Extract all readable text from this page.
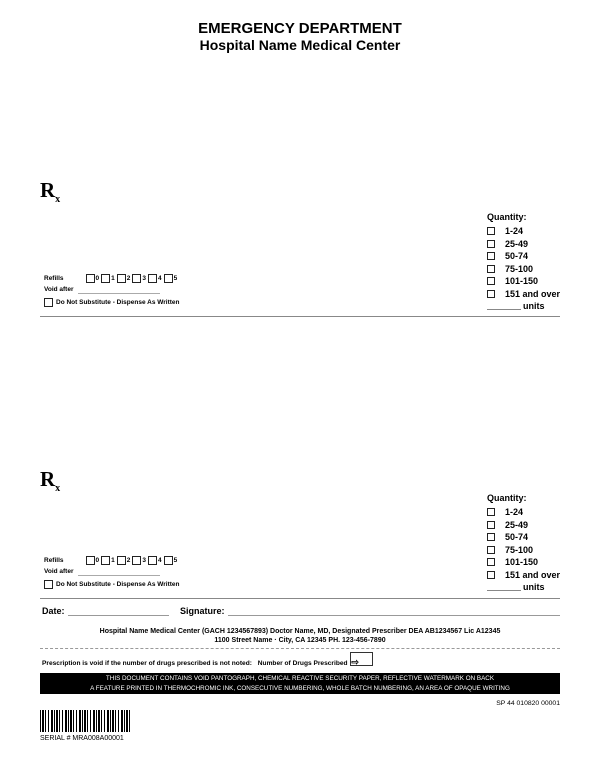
EMERGENCY DEPARTMENT
Hospital Name Medical Center
$R_x$
Quantity:
1-24
25-49
50-74
75-100
101-150
151 and over
units
Refills	0 1 2 3 4 5
Void after
Do Not Substitute - Dispense As Written
$R_x$
Quantity:
1-24
25-49
50-74
75-100
101-150
151 and over
units
Refills	0 1 2 3 4 5
Void after
Do Not Substitute - Dispense As Written
Date:	Signature:
Hospital Name Medical Center (GACH 1234567893) Doctor Name, MD, Designated Prescriber DEA AB1234567 Lic A12345
1100 Street Name · City, CA 12345 PH. 123-456-7890
Prescription is void if the number of drugs prescribed is not noted: Number of Drugs Prescribed ⇨
THIS DOCUMENT CONTAINS VOID PANTOGRAPH, CHEMICAL REACTIVE SECURITY PAPER, REFLECTIVE WATERMARK ON BACK
A FEATURE PRINTED IN THERMOCHROMIC INK, CONSECUTIVE NUMBERING, WHOLE BATCH NUMBERING, AN AREA OF OPAQUE WRITING
SP 44 010820 00001
SERIAL # MRA008A00001
